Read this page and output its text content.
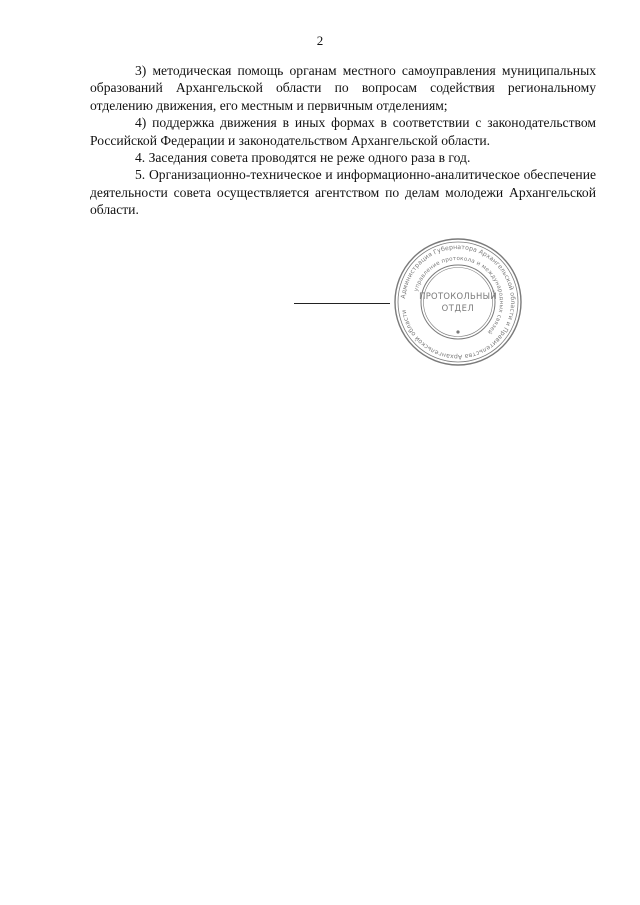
2

3) методическая помощь органам местного самоуправления муниципальных образований Архангельской области по вопросам содействия региональному отделению движения, его местным и первичным отделениям;

4) поддержка движения в иных формах в соответствии с законодательством Российской Федерации и законодательством Архангельской области.

4. Заседания совета проводятся не реже одного раза в год.

5. Организационно-техническое и информационно-аналитическое обеспечение деятельности совета осуществляется агентством по делам молодежи Архангельской области.

Администрация Губернатора Архангельской области и Правительства Архангельской области
управление протокола и международных связей
ПРОТОКОЛЬНЫЙ
ОТДЕЛ
